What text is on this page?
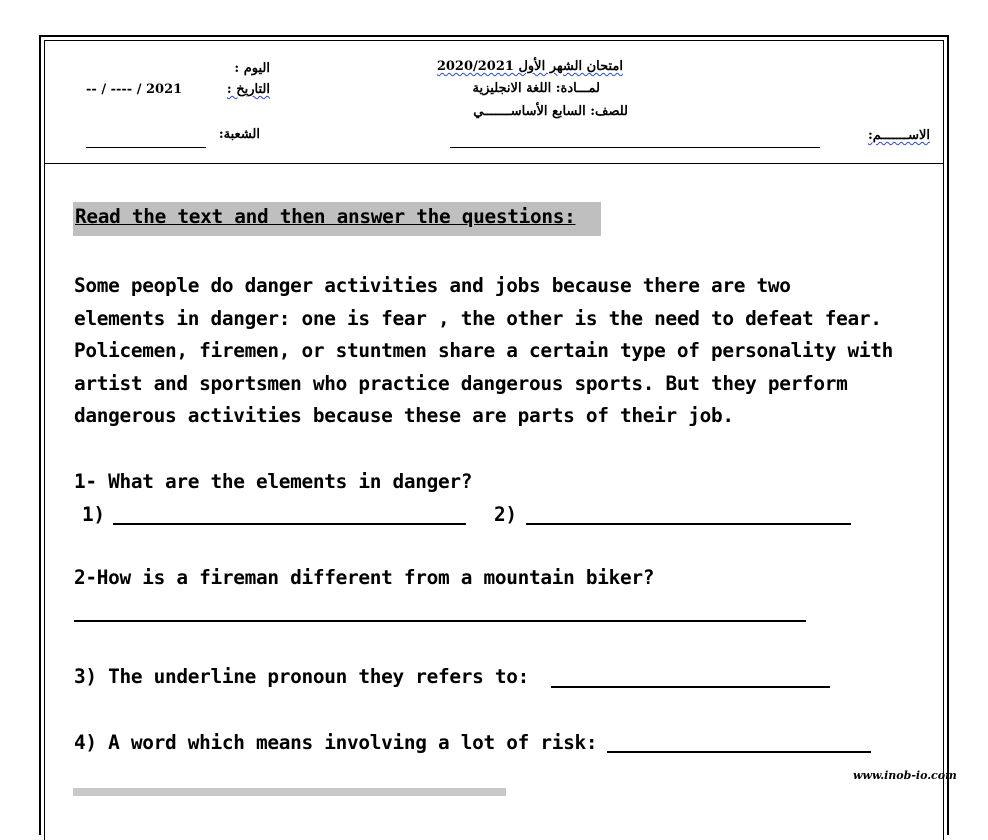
امتحان الشهر الأول 2020/2021
لمـــادة: اللغة الانجليزية
للصف: السابع الأساســـــــي
اليوم :
التاريخ :
-- / ---- / 2021
الشعبة:	الاســـــــم:
Read the text and then answer the questions:
Some people do danger activities and jobs because there are two
elements in danger: one is fear , the other is the need to defeat fear.
Policemen, firemen, or stuntmen share a certain type of personality with
artist and sportsmen who practice dangerous sports. But they perform
dangerous activities because these are parts of their job.
1- What are the elements in danger?
1)	2)
2-How is a fireman different from a mountain biker?
3) The underline pronoun they refers to:
4) A word which means involving a lot of risk:
www.inob-io.com
